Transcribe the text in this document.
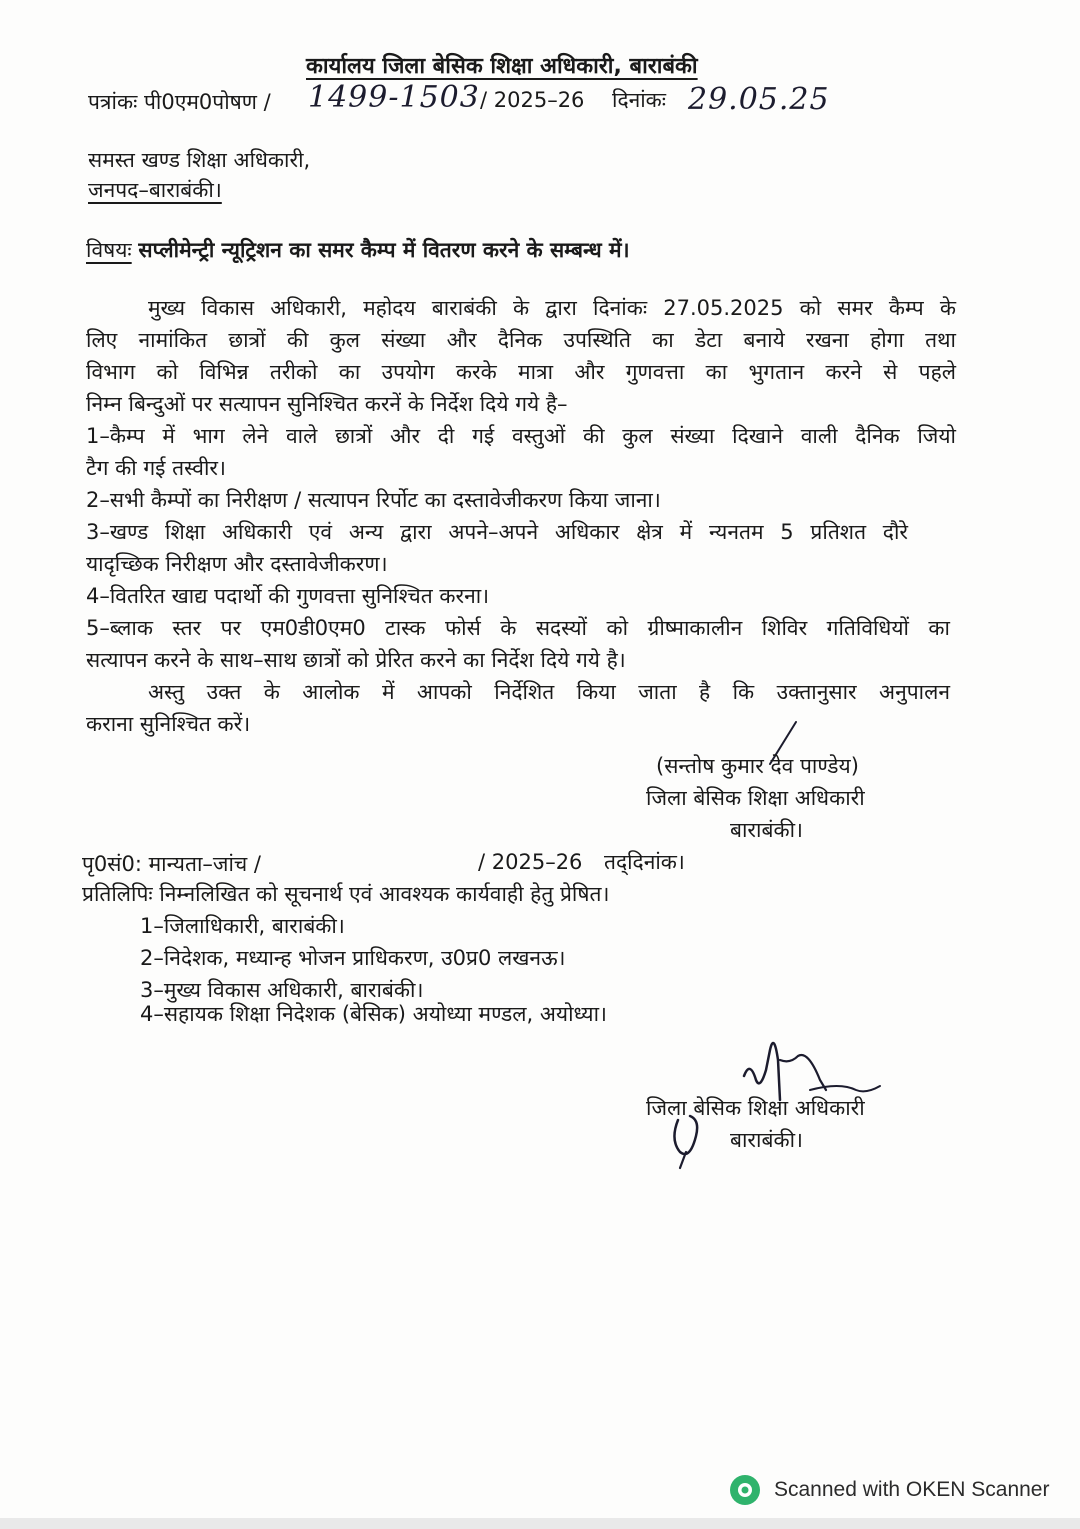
कार्यालय जिला बेसिक शिक्षा अधिकारी, बाराबंकी
पत्रांकः पी0एम0पोषण / 1499-1503 / 2025–26 दिनांकः 29.05.25
समस्त खण्ड शिक्षा अधिकारी,
जनपद–बाराबंकी।
विषयः सप्लीमेन्ट्री न्यूट्रिशन का समर कैम्प में वितरण करने के सम्बन्ध में।
मुख्य विकास अधिकारी, महोदय बाराबंकी के द्वारा दिनांकः 27.05.2025 को समर कैम्प के
लिए नामांकित छात्रों की कुल संख्या और दैनिक उपस्थिति का डेटा बनाये रखना होगा तथा
विभाग को विभिन्न तरीको का उपयोग करके मात्रा और गुणवत्ता का भुगतान करने से पहले
निम्न बिन्दुओं पर सत्यापन सुनिश्चित करनें के निर्देश दिये गये है–
1–कैम्प में भाग लेने वाले छात्रों और दी गई वस्तुओं की कुल संख्या दिखाने वाली दैनिक जियो
टैग की गई तस्वीर।
2–सभी कैम्पों का निरीक्षण / सत्यापन रिर्पोट का दस्तावेजीकरण किया जाना।
3–खण्ड शिक्षा अधिकारी एवं अन्य द्वारा अपने–अपने अधिकार क्षेत्र में न्यनतम 5 प्रतिशत दौरे
यादृच्छिक निरीक्षण और दस्तावेजीकरण।
4–वितरित खाद्य पदार्थो की गुणवत्ता सुनिश्चित करना।
5–ब्लाक स्तर पर एम0डी0एम0 टास्क फोर्स के सदस्यों को ग्रीष्माकालीन शिविर गतिविधियों का
सत्यापन करने के साथ–साथ छात्रों को प्रेरित करने का निर्देश दिये गये है।
अस्तु उक्त के आलोक में आपको निर्देशित किया जाता है कि उक्तानुसार अनुपालन
कराना सुनिश्चित करें।
(सन्तोष कुमार देव पाण्डेय)
जिला बेसिक शिक्षा अधिकारी
बाराबंकी।
पृ0सं0: मान्यता–जांच /	/ 2025–26 तद्‌दिनांक।
प्रतिलिपिः निम्नलिखित को सूचनार्थ एवं आवश्यक कार्यवाही हेतु प्रेषित।
1–जिलाधिकारी, बाराबंकी।
2–निदेशक, मध्यान्ह भोजन प्राधिकरण, उ0प्र0 लखनऊ।
3–मुख्य विकास अधिकारी, बाराबंकी।
4–सहायक शिक्षा निदेशक (बेसिक) अयोध्या मण्डल, अयोध्या।
जिला बेसिक शिक्षा अधिकारी
बाराबंकी।
Scanned with OKEN Scanner
